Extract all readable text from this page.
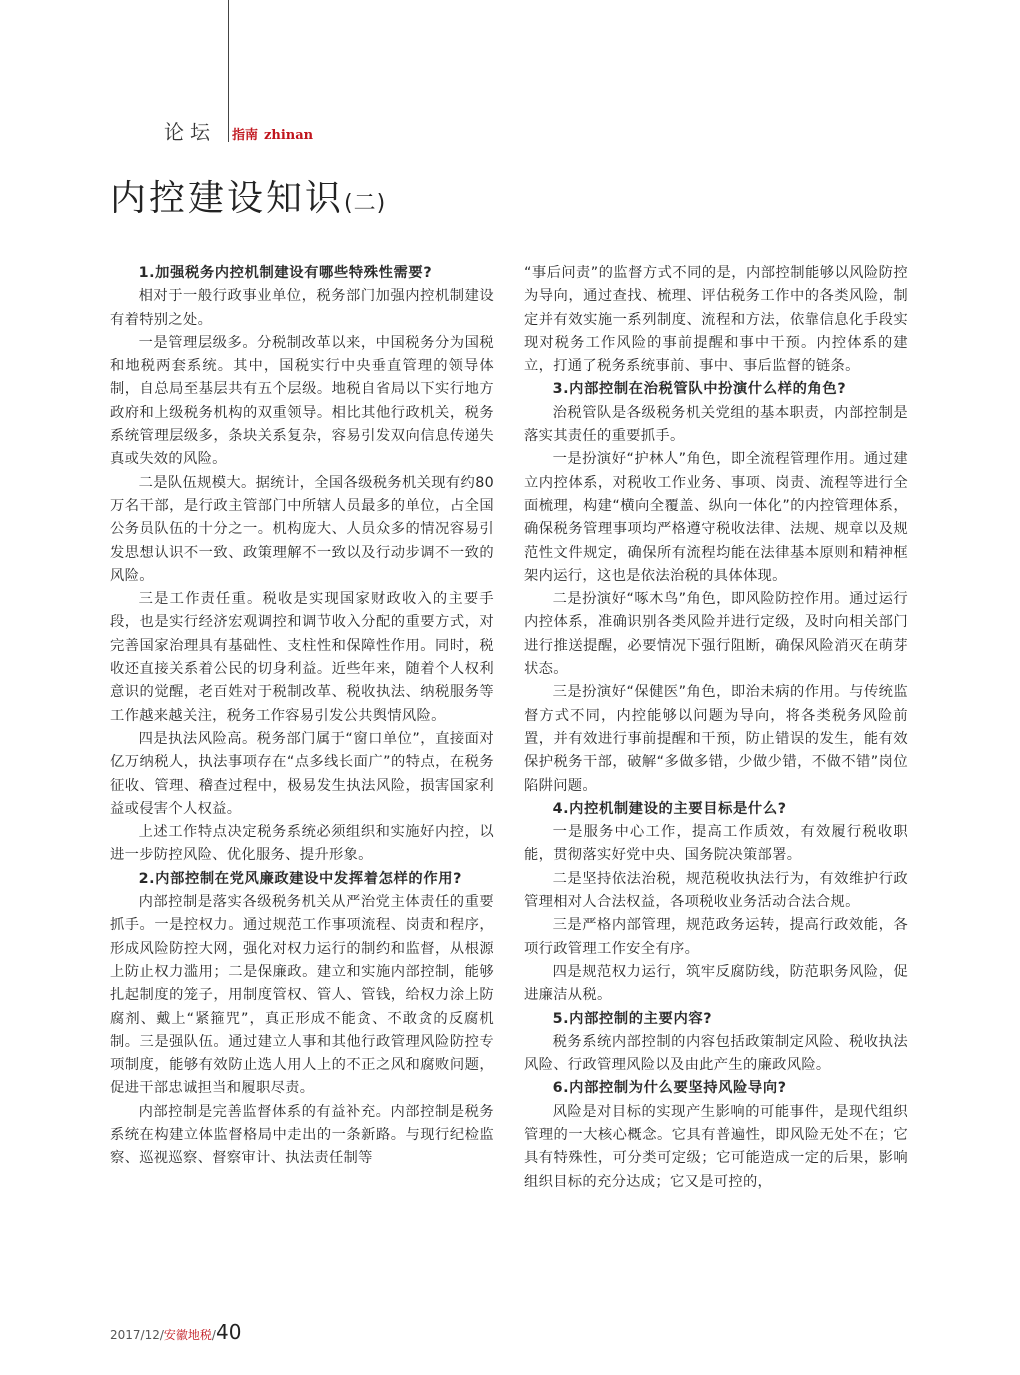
论坛 指南 zhinan
内控建设知识(二)
1.加强税务内控机制建设有哪些特殊性需要?

相对于一般行政事业单位，税务部门加强内控机制建设有着特别之处。

一是管理层级多。分税制改革以来，中国税务分为国税和地税两套系统。其中，国税实行中央垂直管理的领导体制，自总局至基层共有五个层级。地税自省局以下实行地方政府和上级税务机构的双重领导。相比其他行政机关，税务系统管理层级多，条块关系复杂，容易引发双向信息传递失真或失效的风险。

二是队伍规模大。据统计，全国各级税务机关现有约80万名干部，是行政主管部门中所辖人员最多的单位，占全国公务员队伍的十分之一。机构庞大、人员众多的情况容易引发思想认识不一致、政策理解不一致以及行动步调不一致的风险。

三是工作责任重。税收是实现国家财政收入的主要手段，也是实行经济宏观调控和调节收入分配的重要方式，对完善国家治理具有基础性、支柱性和保障性作用。同时，税收还直接关系着公民的切身利益。近些年来，随着个人权利意识的觉醒，老百姓对于税制改革、税收执法、纳税服务等工作越来越关注，税务工作容易引发公共舆情风险。

四是执法风险高。税务部门属于“窗口单位”，直接面对亿万纳税人，执法事项存在“点多线长面广”的特点，在税务征收、管理、稽查过程中，极易发生执法风险，损害国家利益或侵害个人权益。

上述工作特点决定税务系统必须组织和实施好内控，以进一步防控风险、优化服务、提升形象。

2.内部控制在党风廉政建设中发挥着怎样的作用?

内部控制是落实各级税务机关从严治党主体责任的重要抓手。一是控权力。通过规范工作事项流程、岗责和程序，形成风险防控大网，强化对权力运行的制约和监督，从根源上防止权力滥用；二是保廉政。建立和实施内部控制，能够扎起制度的笼子，用制度管权、管人、管钱，给权力涂上防腐剂、戴上“紧箍咒”，真正形成不能贪、不敢贪的反腐机制。三是强队伍。通过建立人事和其他行政管理风险防控专项制度，能够有效防止选人用人上的不正之风和腐败问题，促进干部忠诚担当和履职尽责。

内部控制是完善监督体系的有益补充。内部控制是税务系统在构建立体监督格局中走出的一条新路。与现行纪检监察、巡视巡察、督察审计、执法责任制等

“事后问责”的监督方式不同的是，内部控制能够以风险防控为导向，通过查找、梳理、评估税务工作中的各类风险，制定并有效实施一系列制度、流程和方法，依靠信息化手段实现对税务工作风险的事前提醒和事中干预。内控体系的建立，打通了税务系统事前、事中、事后监督的链条。

3.内部控制在治税管队中扮演什么样的角色?

治税管队是各级税务机关党组的基本职责，内部控制是落实其责任的重要抓手。

一是扮演好“护林人”角色，即全流程管理作用。通过建立内控体系，对税收工作业务、事项、岗责、流程等进行全面梳理，构建“横向全覆盖、纵向一体化”的内控管理体系，确保税务管理事项均严格遵守税收法律、法规、规章以及规范性文件规定，确保所有流程均能在法律基本原则和精神框架内运行，这也是依法治税的具体体现。

二是扮演好“啄木鸟”角色，即风险防控作用。通过运行内控体系，准确识别各类风险并进行定级，及时向相关部门进行推送提醒，必要情况下强行阻断，确保风险消灭在萌芽状态。

三是扮演好“保健医”角色，即治未病的作用。与传统监督方式不同，内控能够以问题为导向，将各类税务风险前置，并有效进行事前提醒和干预，防止错误的发生，能有效保护税务干部，破解“多做多错，少做少错，不做不错”岗位陷阱问题。

4.内控机制建设的主要目标是什么?

一是服务中心工作，提高工作质效，有效履行税收职能，贯彻落实好党中央、国务院决策部署。

二是坚持依法治税，规范税收执法行为，有效维护行政管理相对人合法权益，各项税收业务活动合法合规。

三是严格内部管理，规范政务运转，提高行政效能，各项行政管理工作安全有序。

四是规范权力运行，筑牢反腐防线，防范职务风险，促进廉洁从税。

5.内部控制的主要内容?

税务系统内部控制的内容包括政策制定风险、税收执法风险、行政管理风险以及由此产生的廉政风险。

6.内部控制为什么要坚持风险导向?

风险是对目标的实现产生影响的可能事件，是现代组织管理的一大核心概念。它具有普遍性，即风险无处不在；它具有特殊性，可分类可定级；它可能造成一定的后果，影响组织目标的充分达成；它又是可控的，

2017/12/安徽地税/40
